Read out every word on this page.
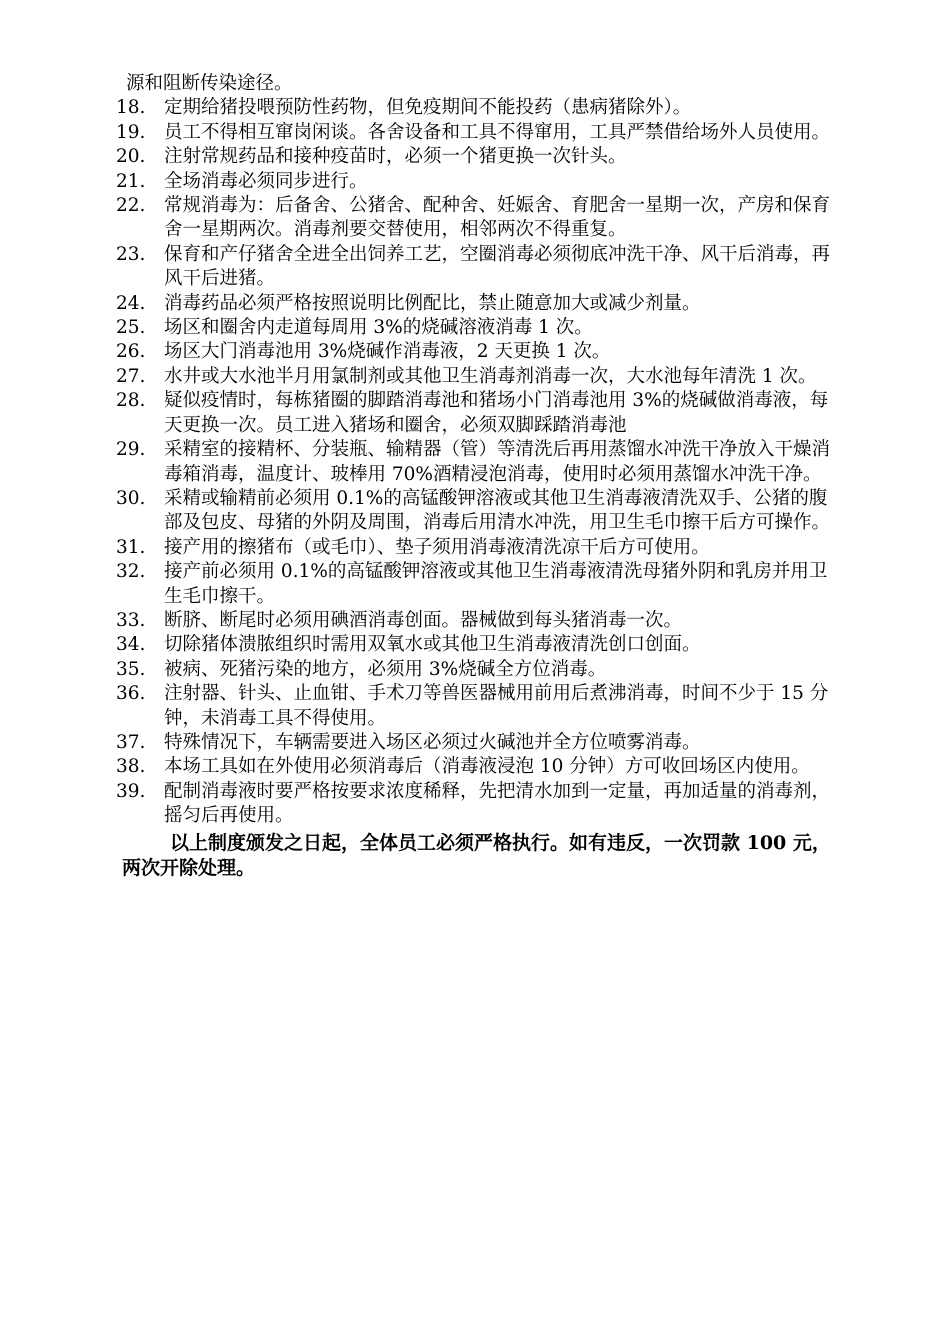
源和阻断传染途径。
18.	定期给猪投喂预防性药物，但免疫期间不能投药（患病猪除外）。
19.	员工不得相互窜岗闲谈。各舍设备和工具不得窜用，工具严禁借给场外人员使用。
20.	注射常规药品和接种疫苗时，必须一个猪更换一次针头。
21.	全场消毒必须同步进行。
22.	常规消毒为：后备舍、公猪舍、配种舍、妊娠舍、育肥舍一星期一次，产房和保育舍一星期两次。消毒剂要交替使用，相邻两次不得重复。
23.	保育和产仔猪舍全进全出饲养工艺，空圈消毒必须彻底冲洗干净、风干后消毒，再风干后进猪。
24.	消毒药品必须严格按照说明比例配比，禁止随意加大或减少剂量。
25.	场区和圈舍内走道每周用 3%的烧碱溶液消毒 1 次。
26.	场区大门消毒池用 3%烧碱作消毒液，2 天更换 1 次。
27.	水井或大水池半月用氯制剂或其他卫生消毒剂消毒一次，大水池每年清洗 1 次。
28.	疑似疫情时，每栋猪圈的脚踏消毒池和猪场小门消毒池用 3%的烧碱做消毒液，每天更换一次。员工进入猪场和圈舍，必须双脚踩踏消毒池
29.	采精室的接精杯、分装瓶、输精器（管）等清洗后再用蒸馏水冲洗干净放入干燥消毒箱消毒，温度计、玻棒用 70%酒精浸泡消毒，使用时必须用蒸馏水冲洗干净。
30.	采精或输精前必须用 0.1%的高锰酸钾溶液或其他卫生消毒液清洗双手、公猪的腹部及包皮、母猪的外阴及周围，消毒后用清水冲洗，用卫生毛巾擦干后方可操作。
31.	接产用的擦猪布（或毛巾）、垫子须用消毒液清洗凉干后方可使用。
32.	接产前必须用 0.1%的高锰酸钾溶液或其他卫生消毒液清洗母猪外阴和乳房并用卫生毛巾擦干。
33.	断脐、断尾时必须用碘酒消毒创面。器械做到每头猪消毒一次。
34.	切除猪体溃脓组织时需用双氧水或其他卫生消毒液清洗创口创面。
35.	被病、死猪污染的地方，必须用 3%烧碱全方位消毒。
36.	注射器、针头、止血钳、手术刀等兽医器械用前用后煮沸消毒，时间不少于 15 分钟，未消毒工具不得使用。
37.	特殊情况下，车辆需要进入场区必须过火碱池并全方位喷雾消毒。
38.	本场工具如在外使用必须消毒后（消毒液浸泡 10 分钟）方可收回场区内使用。
39.	配制消毒液时要严格按要求浓度稀释，先把清水加到一定量，再加适量的消毒剂，摇匀后再使用。
以上制度颁发之日起，全体员工必须严格执行。如有违反，一次罚款 100 元，两次开除处理。
